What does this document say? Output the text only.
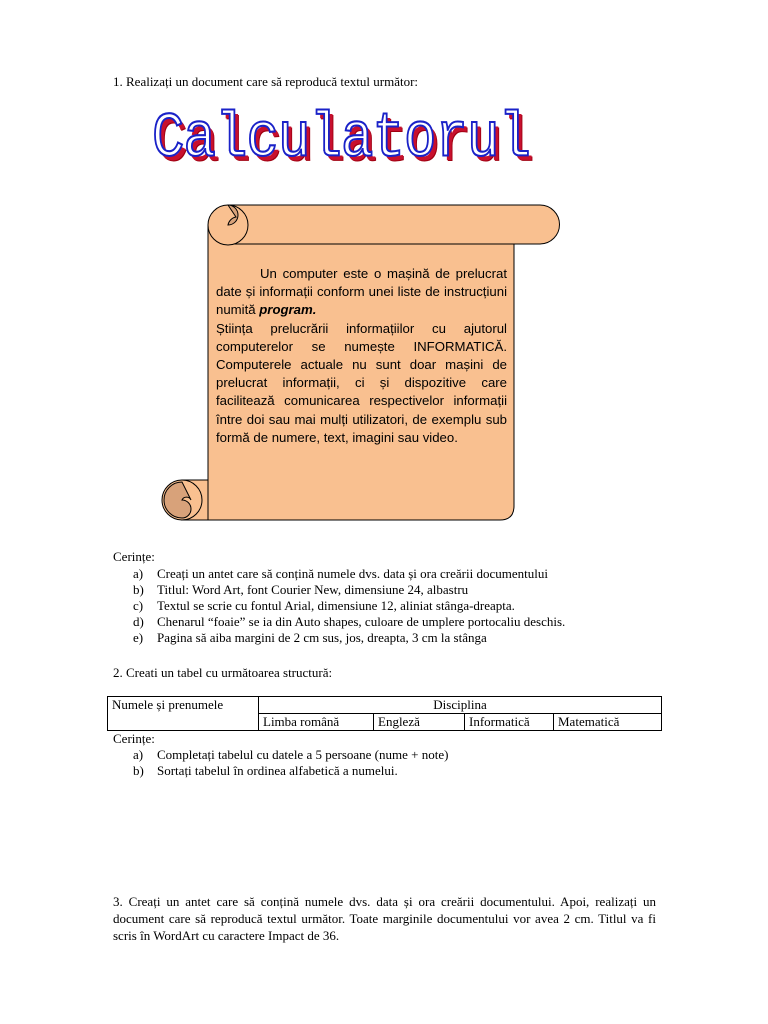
1. Realizați un document care să reproducă textul următor:
Calculatorul

Un computer este o mașină de prelucrat date și informații conform unei liste de instrucțiuni numită program.

Știința prelucrării informațiilor cu ajutorul computerelor se numește INFORMATICĂ. Computerele actuale nu sunt doar mașini de prelucrat informații, ci și dispozitive care facilitează comunicarea respectivelor informații între doi sau mai mulți utilizatori, de exemplu sub formă de numere, text, imagini sau video.

Cerințe:
a) Creați un antet care să conțină numele dvs. data și ora creării documentului
b) Titlul: Word Art, font Courier New, dimensiune 24, albastru
c) Textul se scrie cu fontul Arial, dimensiune 12, aliniat stânga-dreapta.
d) Chenarul “foaie” se ia din Auto shapes, culoare de umplere portocaliu deschis.
e) Pagina să aiba margini de 2 cm sus, jos, dreapta, 3 cm la stânga
2. Creati un tabel cu următoarea structură:
Numele și prenumele	Disciplina			
	Limba română	Engleză	Informatică	Matematică
Cerințe:
a) Completați tabelul cu datele a 5 persoane (nume + note)
b) Sortați tabelul în ordinea alfabetică a numelui.
3. Creați un antet care să conțină numele dvs. data și ora creării documentului. Apoi, realizați un document care să reproducă textul următor. Toate marginile documentului vor avea 2 cm. Titlul va fi scris în WordArt cu caractere Impact de 36.
